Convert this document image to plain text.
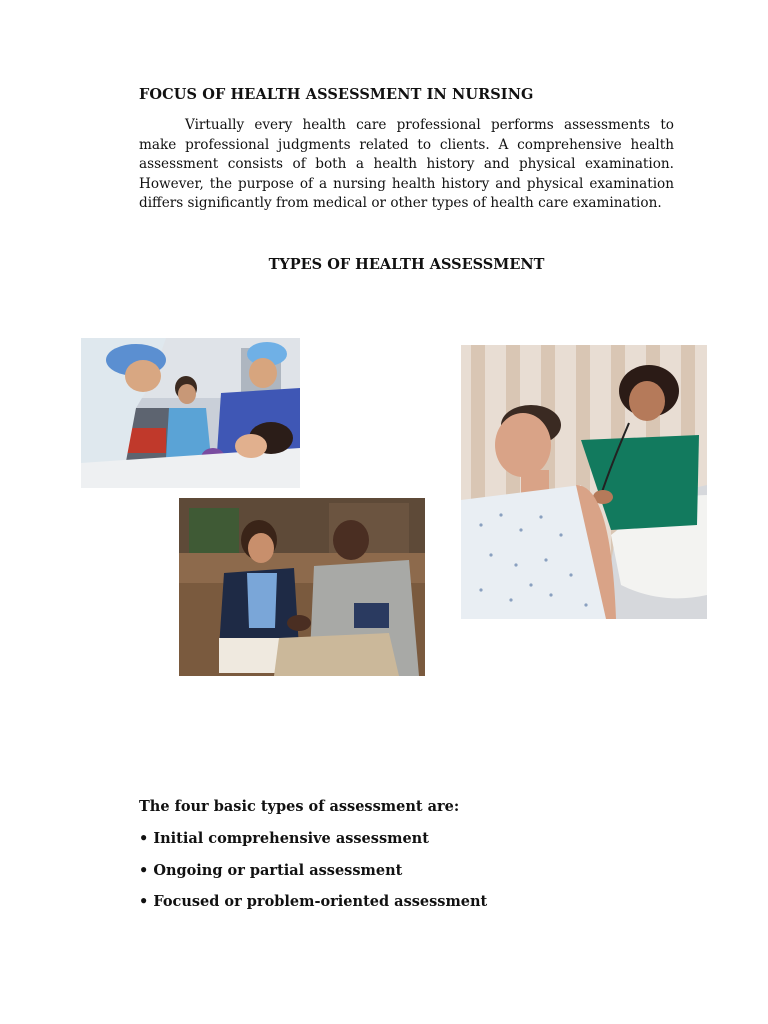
FOCUS OF HEALTH ASSESSMENT IN NURSING

Virtually every health care professional performs assessments to make professional judgments related to clients. A comprehensive health assessment consists of both a health history and physical examination. However, the purpose of a nursing health history and physical examination differs significantly from medical or other types of health care examination.

TYPES OF HEALTH ASSESSMENT

The four basic types of assessment are:

• Initial comprehensive assessment
• Ongoing or partial assessment
• Focused or problem-oriented assessment
